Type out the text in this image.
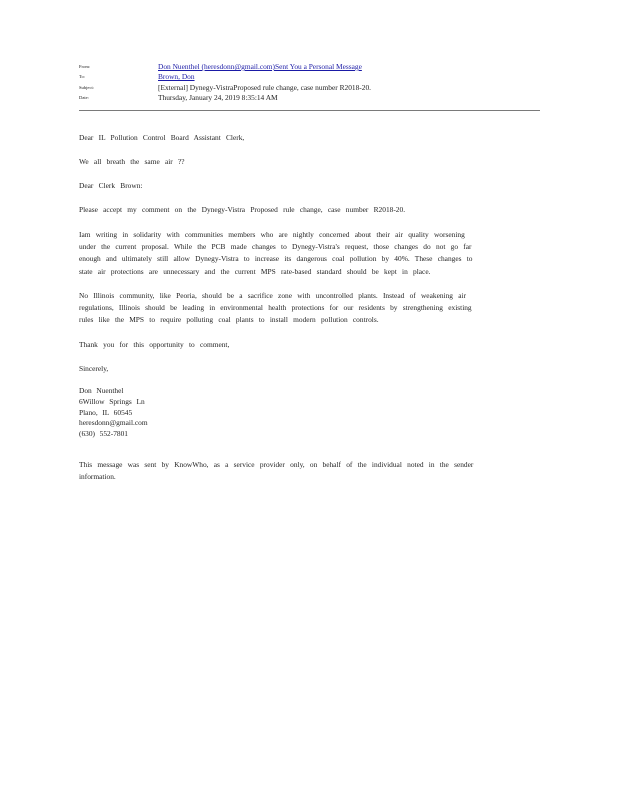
From:	Don Nuenthel (heresdonn@gmail.com)Sent You a Personal Message
To:	Brown, Don
Subject:	[External] Dynegy-VistraProposed rule change, case number R2018-20.
Date:	Thursday, January 24, 2019 8:35:14 AM
Dear IL Pollution Control Board Assistant Clerk,
We all breath the same air ??
Dear Clerk Brown:
Please accept my comment on the Dynegy-Vistra Proposed rule change, case number R2018-20.
Iam writing in solidarity with communities members who are nightly concerned about their air quality worsening
under the current proposal. While the PCB made changes to Dynegy-Vistra's request, those changes do not go far
enough and ultimately still allow Dynegy-Vistra to increase its dangerous coal pollution by 40%. These changes to
state air protections are unnecessary and the current MPS rate-based standard should be kept in place.
No Illinois community, like Peoria, should be a sacrifice zone with uncontrolled plants. Instead of weakening air
regulations, Illinois should be leading in environmental health protections for our residents by strengthening existing
rules like the MPS to require polluting coal plants to install modern pollution controls.
Thank you for this opportunity to comment,
Sincerely,
Don Nuenthel
6Willow Springs Ln
Plano, IL 60545
heresdonn@gmail.com
(630) 552-7801
This message was sent by KnowWho, as a service provider only, on behalf of the individual noted in the sender
information.
